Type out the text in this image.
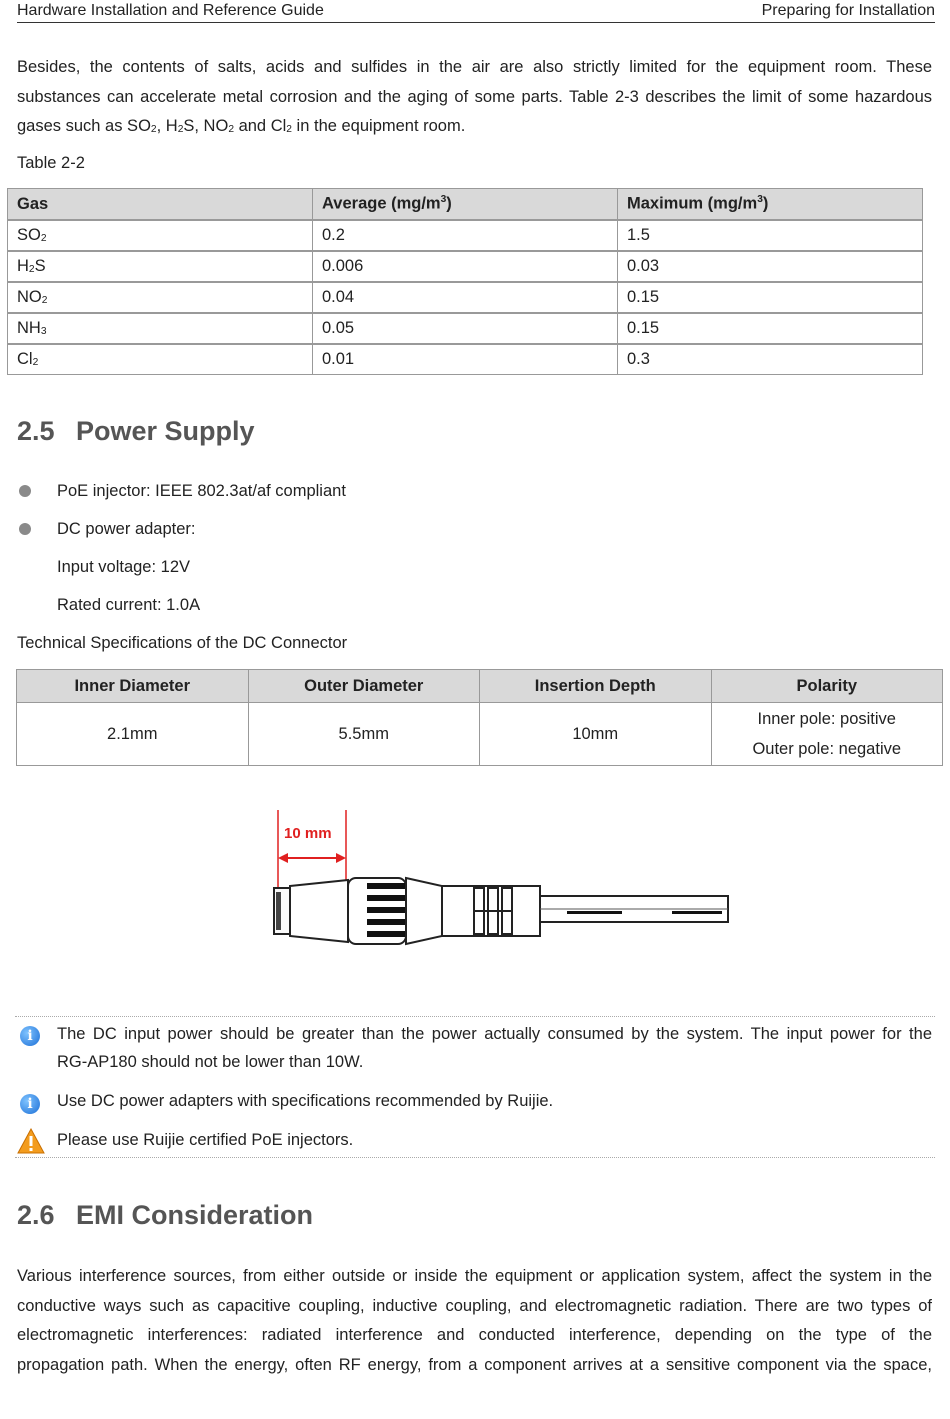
Hardware Installation and Reference Guide	Preparing for Installation
Besides, the contents of salts, acids and sulfides in the air are also strictly limited for the equipment room. These
substances can accelerate metal corrosion and the aging of some parts. Table 2-3 describes the limit of some hazardous
gases such as $SO_2$, $H_2S$, $NO_2$ and $Cl_2$ in the equipment room.
Table 2-2
Gas	Average $(mg/m^3)$	Maximum $(mg/m^3)$
$SO_2$	0.2	1.5
$H_2S$	0.006	0.03
$NO_2$	0.04	0.15
$NH_3$	0.05	0.15
$Cl_2$	0.01	0.3
2.5 Power Supply
PoE injector: IEEE 802.3at/af compliant
DC power adapter:
Input voltage: 12V
Rated current: 1.0A
Technical Specifications of the DC Connector
Inner Diameter	Outer Diameter	Insertion Depth	Polarity
2.1mm	5.5mm	10mm	Inner pole: positive
Outer pole: negative
10 mm
i	The DC input power should be greater than the power actually consumed by the system. The input power for the
RG-AP180 should not be lower than 10W.
i	Use DC power adapters with specifications recommended by Ruijie.
Please use Ruijie certified PoE injectors.
2.6 EMI Consideration
Various interference sources, from either outside or inside the equipment or application system, affect the system in the
conductive ways such as capacitive coupling, inductive coupling, and electromagnetic radiation. There are two types of
electromagnetic interferences: radiated interference and conducted interference, depending on the type of the
propagation path. When the energy, often RF energy, from a component arrives at a sensitive component via the space,
